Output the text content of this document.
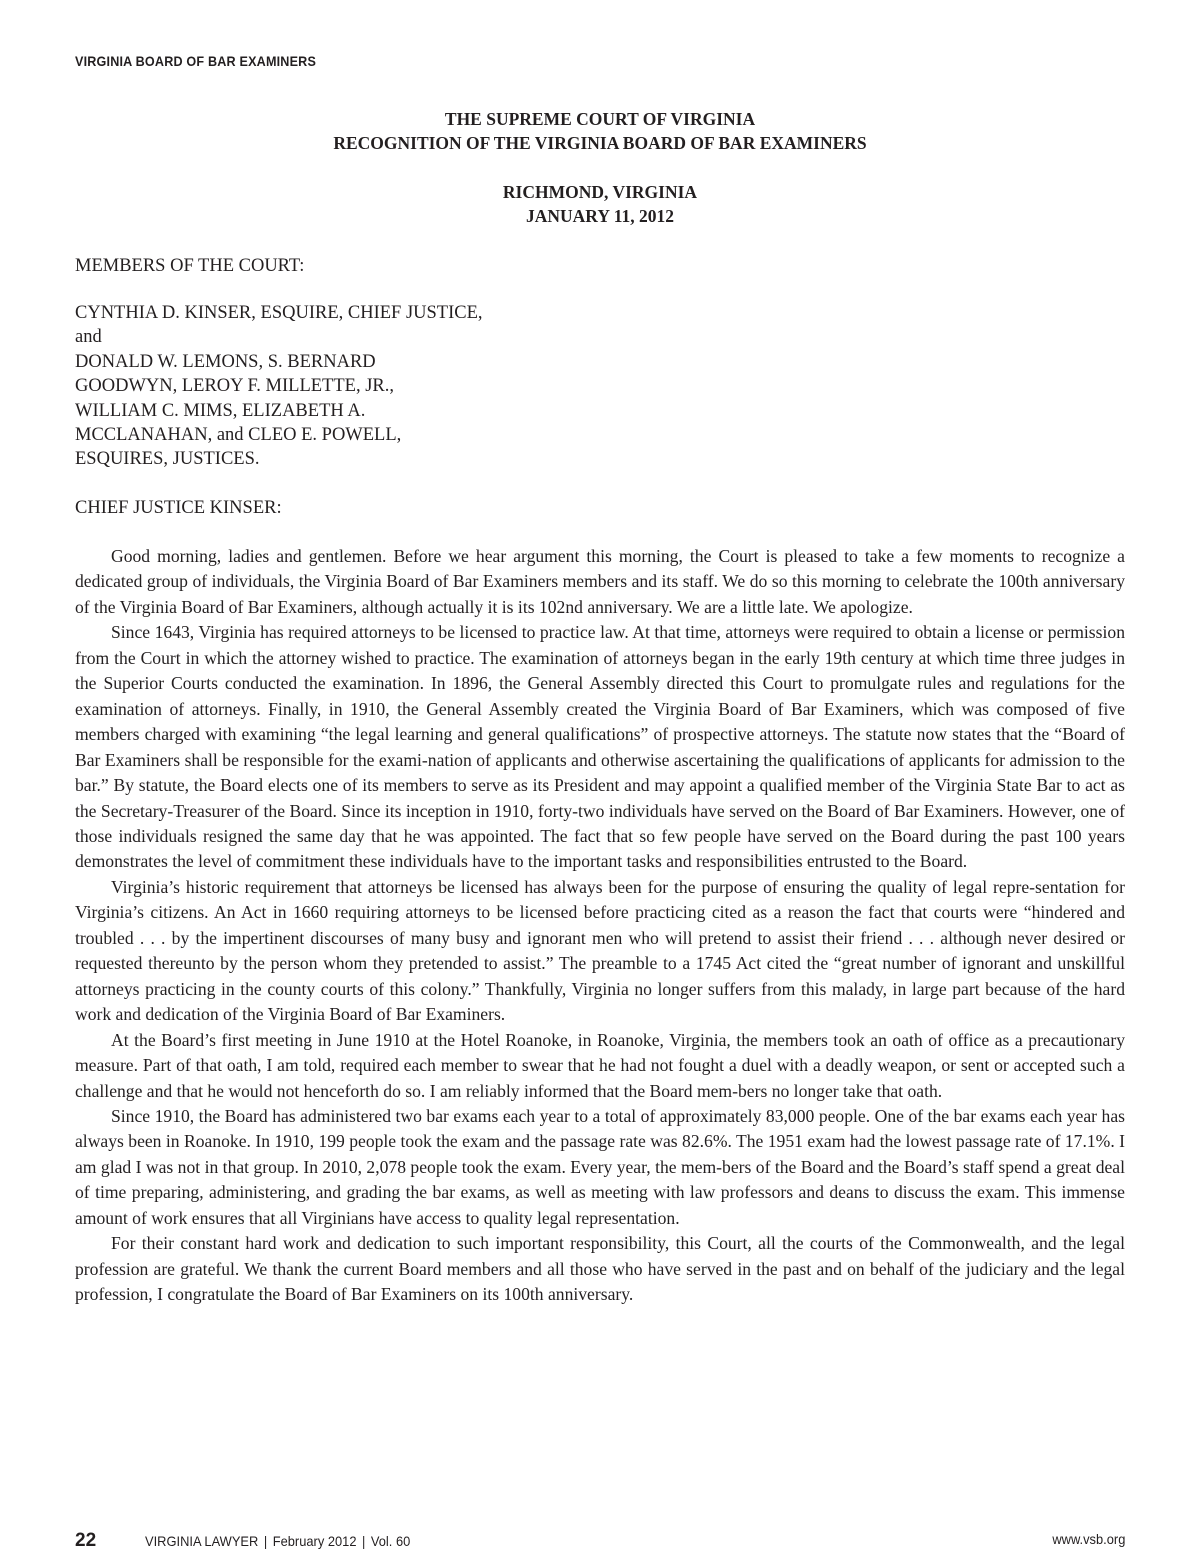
VIRGINIA BOARD OF BAR EXAMINERS
THE SUPREME COURT OF VIRGINIA
RECOGNITION OF THE VIRGINIA BOARD OF BAR EXAMINERS
RICHMOND, VIRGINIA
JANUARY 11, 2012
MEMBERS OF THE COURT:
CYNTHIA D. KINSER, ESQUIRE, CHIEF JUSTICE,
and
DONALD W. LEMONS, S. BERNARD
GOODWYN, LEROY F. MILLETTE, JR.,
WILLIAM C. MIMS, ELIZABETH A.
MCCLANAHAN, and CLEO E. POWELL,
ESQUIRES, JUSTICES.
CHIEF JUSTICE KINSER:

Good morning, ladies and gentlemen. Before we hear argument this morning, the Court is pleased to take a few moments to recognize a dedicated group of individuals, the Virginia Board of Bar Examiners members and its staff. We do so this morning to celebrate the 100th anniversary of the Virginia Board of Bar Examiners, although actually it is its 102nd anniversary. We are a little late. We apologize.

Since 1643, Virginia has required attorneys to be licensed to practice law. At that time, attorneys were required to obtain a license or permission from the Court in which the attorney wished to practice. The examination of attorneys began in the early 19th century at which time three judges in the Superior Courts conducted the examination. In 1896, the General Assembly directed this Court to promulgate rules and regulations for the examination of attorneys. Finally, in 1910, the General Assembly created the Virginia Board of Bar Examiners, which was composed of five members charged with examining “the legal learning and general qualifications” of prospective attorneys. The statute now states that the “Board of Bar Examiners shall be responsible for the exami-nation of applicants and otherwise ascertaining the qualifications of applicants for admission to the bar.” By statute, the Board elects one of its members to serve as its President and may appoint a qualified member of the Virginia State Bar to act as the Secretary-Treasurer of the Board. Since its inception in 1910, forty-two individuals have served on the Board of Bar Examiners. However, one of those individuals resigned the same day that he was appointed. The fact that so few people have served on the Board during the past 100 years demonstrates the level of commitment these individuals have to the important tasks and responsibilities entrusted to the Board.

Virginia’s historic requirement that attorneys be licensed has always been for the purpose of ensuring the quality of legal repre-sentation for Virginia’s citizens. An Act in 1660 requiring attorneys to be licensed before practicing cited as a reason the fact that courts were “hindered and troubled . . . by the impertinent discourses of many busy and ignorant men who will pretend to assist their friend . . . although never desired or requested thereunto by the person whom they pretended to assist.” The preamble to a 1745 Act cited the “great number of ignorant and unskillful attorneys practicing in the county courts of this colony.” Thankfully, Virginia no longer suffers from this malady, in large part because of the hard work and dedication of the Virginia Board of Bar Examiners.

At the Board’s first meeting in June 1910 at the Hotel Roanoke, in Roanoke, Virginia, the members took an oath of office as a precautionary measure. Part of that oath, I am told, required each member to swear that he had not fought a duel with a deadly weapon, or sent or accepted such a challenge and that he would not henceforth do so. I am reliably informed that the Board mem-bers no longer take that oath.

Since 1910, the Board has administered two bar exams each year to a total of approximately 83,000 people. One of the bar exams each year has always been in Roanoke. In 1910, 199 people took the exam and the passage rate was 82.6%. The 1951 exam had the lowest passage rate of 17.1%. I am glad I was not in that group. In 2010, 2,078 people took the exam. Every year, the mem-bers of the Board and the Board’s staff spend a great deal of time preparing, administering, and grading the bar exams, as well as meeting with law professors and deans to discuss the exam. This immense amount of work ensures that all Virginians have access to quality legal representation.

For their constant hard work and dedication to such important responsibility, this Court, all the courts of the Commonwealth, and the legal profession are grateful. We thank the current Board members and all those who have served in the past and on behalf of the judiciary and the legal profession, I congratulate the Board of Bar Examiners on its 100th anniversary.

22	VIRGINIA LAWYER | February 2012 | Vol. 60	www.vsb.org
